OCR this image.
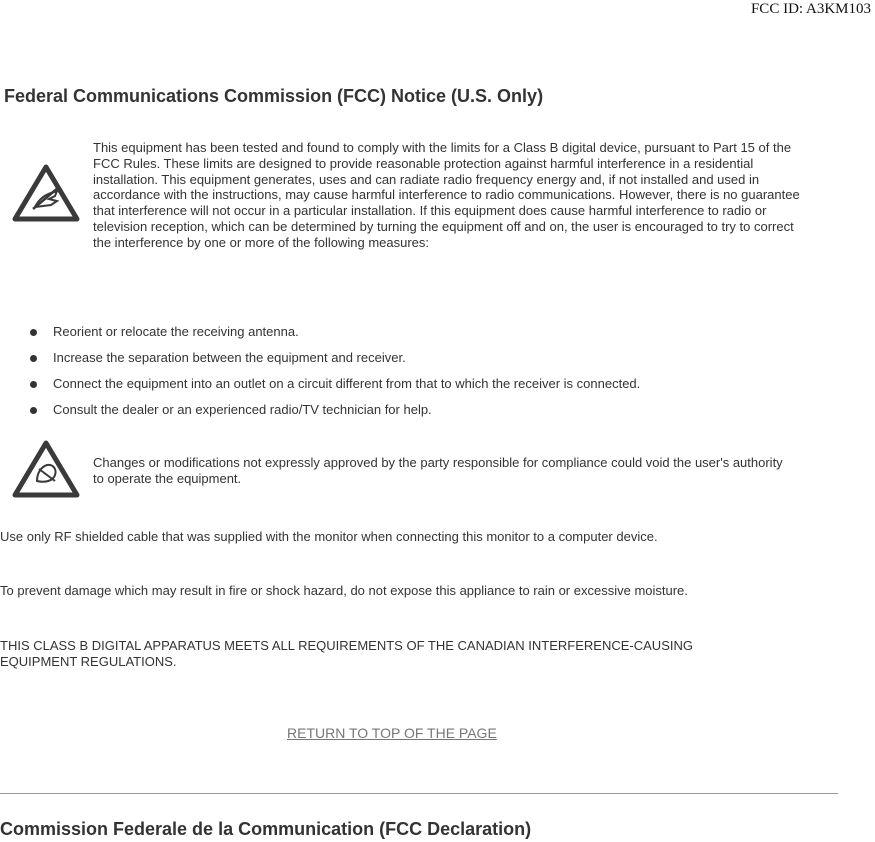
FCC ID: A3KM103
Federal Communications Commission (FCC) Notice (U.S. Only)

This equipment has been tested and found to comply with the limits for a Class B digital device, pursuant to Part 15 of the FCC Rules. These limits are designed to provide reasonable protection against harmful interference in a residential installation. This equipment generates, uses and can radiate radio frequency energy and, if not installed and used in accordance with the instructions, may cause harmful interference to radio communications. However, there is no guarantee that interference will not occur in a particular installation. If this equipment does cause harmful interference to radio or television reception, which can be determined by turning the equipment off and on, the user is encouraged to try to correct the interference by one or more of the following measures:

Reorient or relocate the receiving antenna.
Increase the separation between the equipment and receiver.
Connect the equipment into an outlet on a circuit different from that to which the receiver is connected.
Consult the dealer or an experienced radio/TV technician for help.

Changes or modifications not expressly approved by the party responsible for compliance could void the user's authority to operate the equipment.

Use only RF shielded cable that was supplied with the monitor when connecting this monitor to a computer device.

To prevent damage which may result in fire or shock hazard, do not expose this appliance to rain or excessive moisture.

THIS CLASS B DIGITAL APPARATUS MEETS ALL REQUIREMENTS OF THE CANADIAN INTERFERENCE-CAUSING EQUIPMENT REGULATIONS.

RETURN TO TOP OF THE PAGE
Commission Federale de la Communication (FCC Declaration)
